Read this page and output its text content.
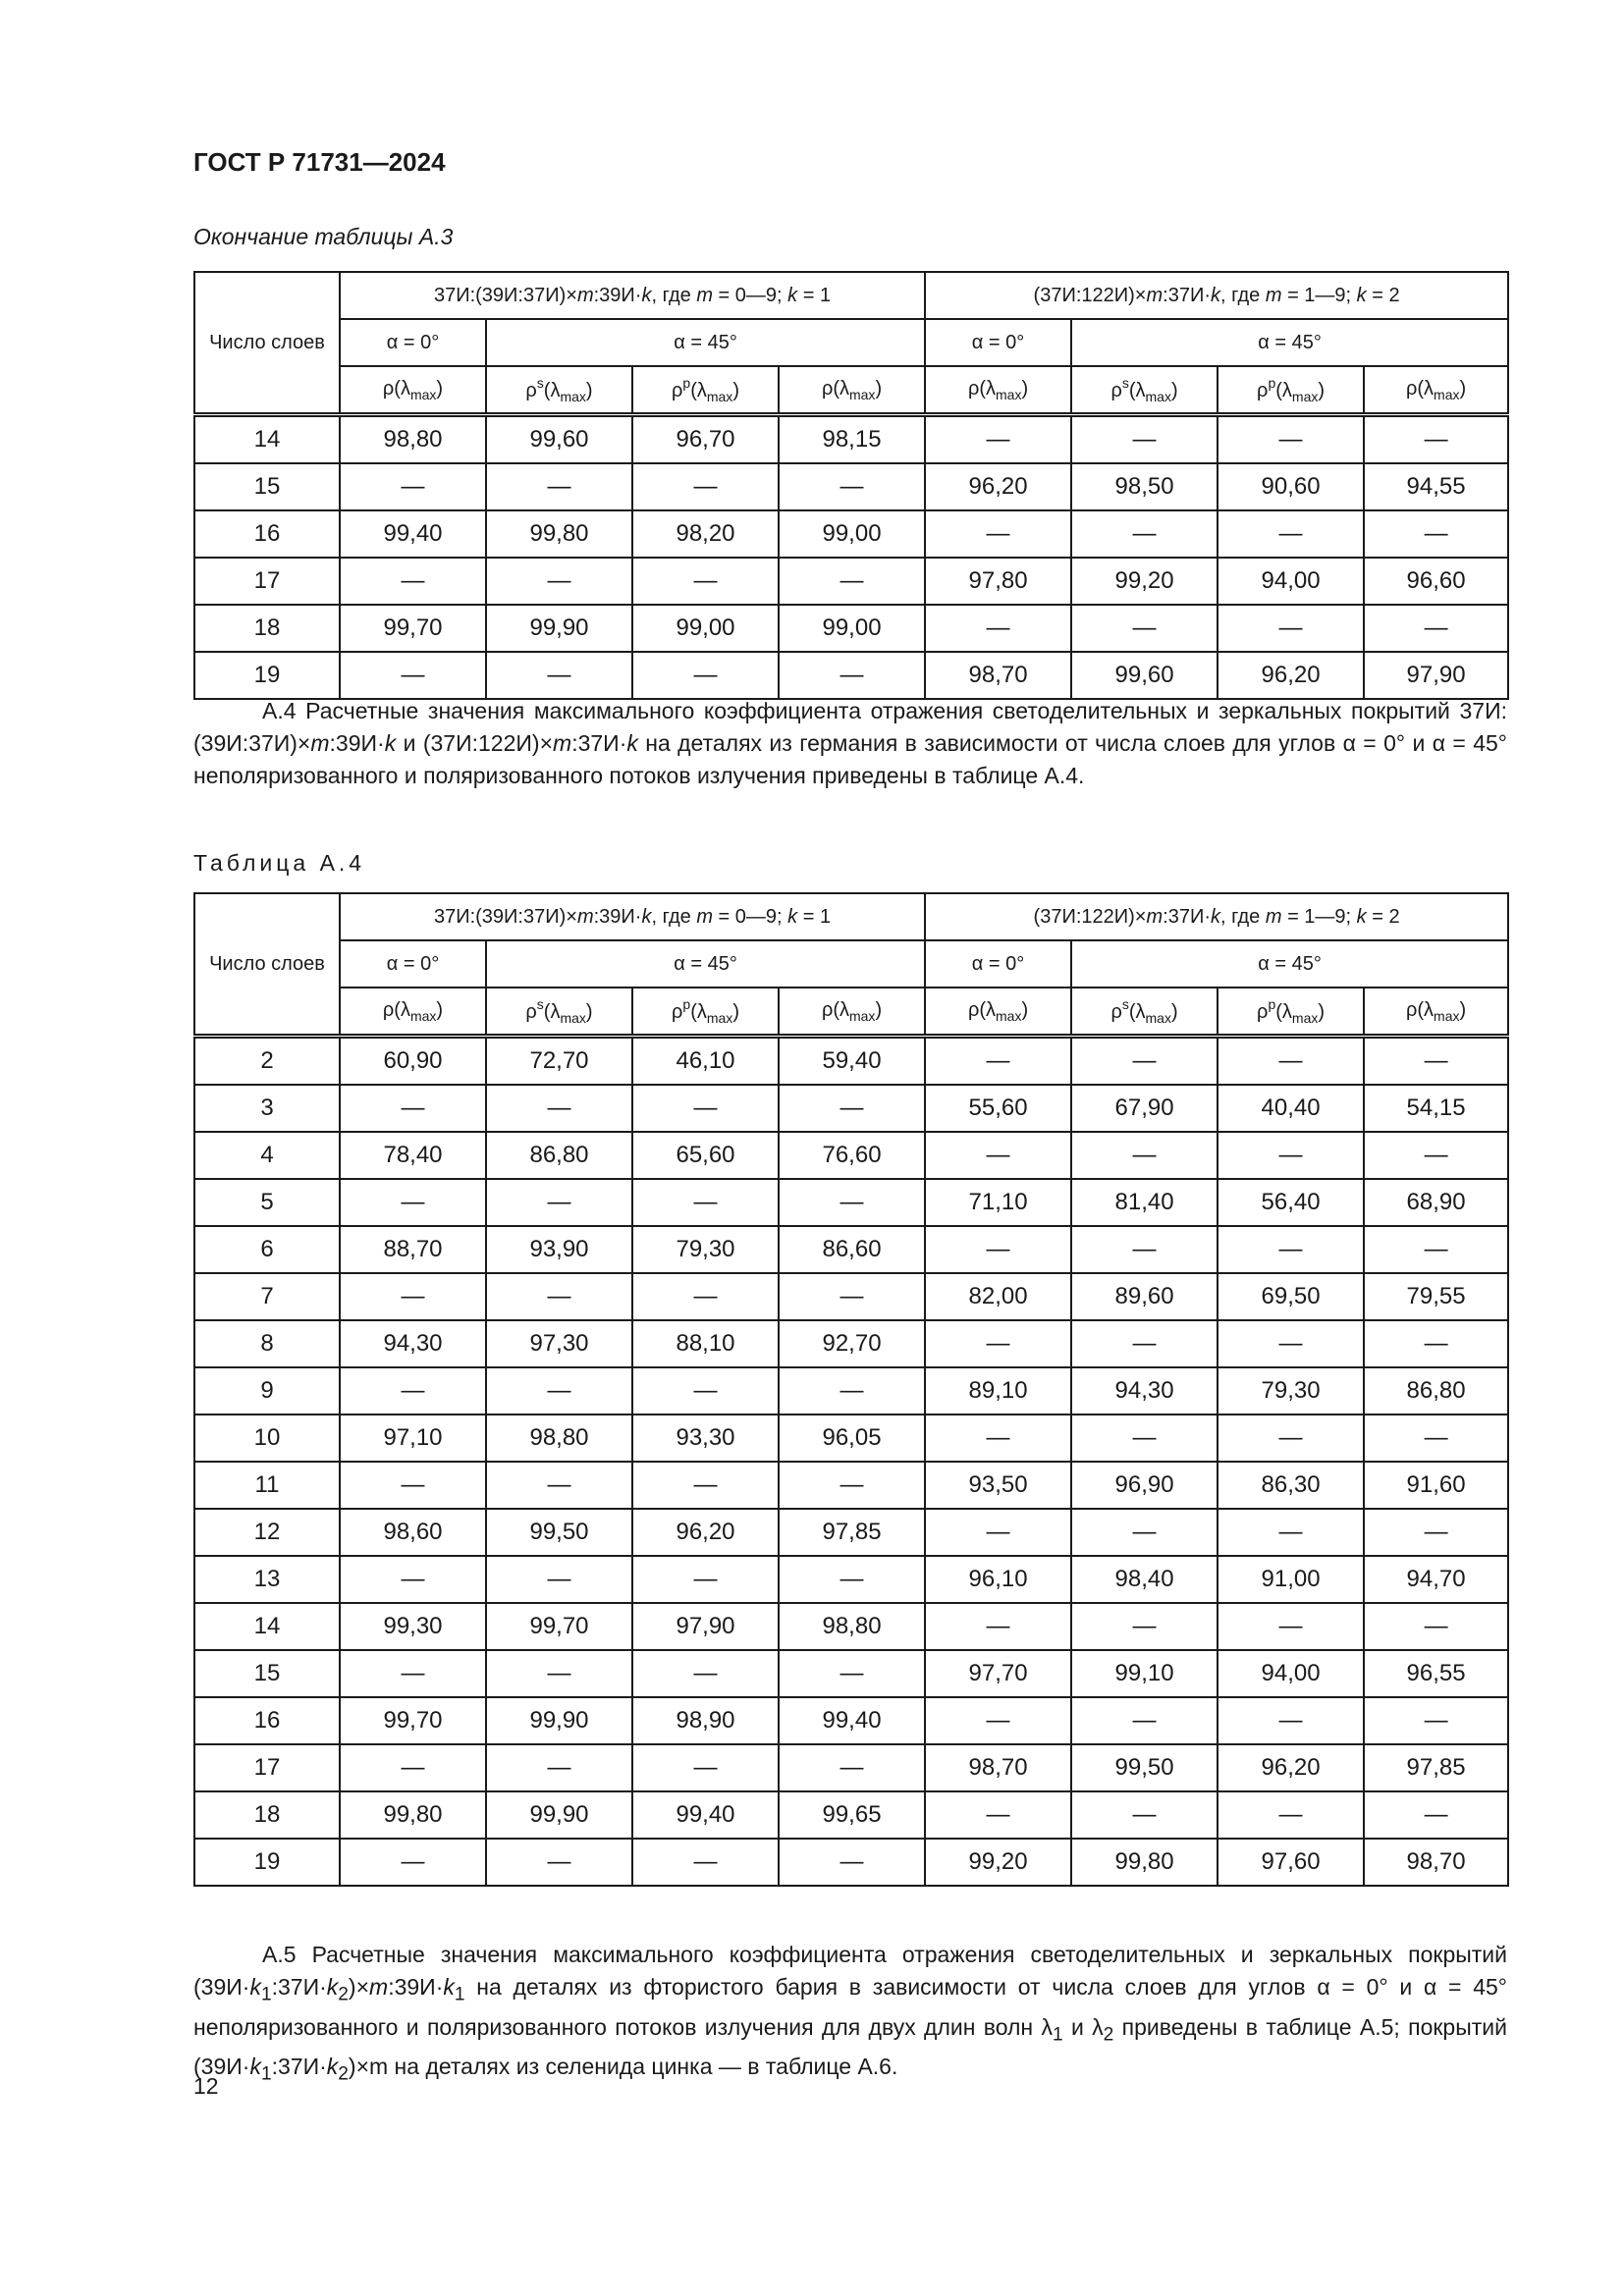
ГОСТ Р 71731—2024
Окончание таблицы А.3
Число слоев	37И:(39И:37И)×m:39И·k, где m = 0—9; k = 1				(37И:122И)×m:37И·k, где m = 1—9; k = 2			
	α = 0°	α = 45°			α = 0°	α = 45°		
	$\rho(\lambda_{max})$	$\rho^s(\lambda_{max})$	$\rho^p(\lambda_{max})$	$\rho(\lambda_{max})$	$\rho(\lambda_{max})$	$\rho^s(\lambda_{max})$	$\rho^p(\lambda_{max})$	$\rho(\lambda_{max})$
14	98,80	99,60	96,70	98,15	—	—	—	—
15	—	—	—	—	96,20	98,50	90,60	94,55
16	99,40	99,80	98,20	99,00	—	—	—	—
17	—	—	—	—	97,80	99,20	94,00	96,60
18	99,70	99,90	99,00	99,00	—	—	—	—
19	—	—	—	—	98,70	99,60	96,20	97,90

А.4 Расчетные значения максимального коэффициента отражения светоделительных и зеркальных покрытий 37И:(39И:37И)×m:39И·k и (37И:122И)×m:37И·k на деталях из германия в зависимости от числа слоев для углов α = 0° и α = 45° неполяризованного и поляризованного потоков излучения приведены в таблице А.4.

Таблица А.4
Число слоев	37И:(39И:37И)×m:39И·k, где m = 0—9; k = 1				(37И:122И)×m:37И·k, где m = 1—9; k = 2			
	α = 0°	α = 45°			α = 0°	α = 45°		
	$\rho(\lambda_{max})$	$\rho^s(\lambda_{max})$	$\rho^p(\lambda_{max})$	$\rho(\lambda_{max})$	$\rho(\lambda_{max})$	$\rho^s(\lambda_{max})$	$\rho^p(\lambda_{max})$	$\rho(\lambda_{max})$
2	60,90	72,70	46,10	59,40	—	—	—	—
3	—	—	—	—	55,60	67,90	40,40	54,15
4	78,40	86,80	65,60	76,60	—	—	—	—
5	—	—	—	—	71,10	81,40	56,40	68,90
6	88,70	93,90	79,30	86,60	—	—	—	—
7	—	—	—	—	82,00	89,60	69,50	79,55
8	94,30	97,30	88,10	92,70	—	—	—	—
9	—	—	—	—	89,10	94,30	79,30	86,80
10	97,10	98,80	93,30	96,05	—	—	—	—
11	—	—	—	—	93,50	96,90	86,30	91,60
12	98,60	99,50	96,20	97,85	—	—	—	—
13	—	—	—	—	96,10	98,40	91,00	94,70
14	99,30	99,70	97,90	98,80	—	—	—	—
15	—	—	—	—	97,70	99,10	94,00	96,55
16	99,70	99,90	98,90	99,40	—	—	—	—
17	—	—	—	—	98,70	99,50	96,20	97,85
18	99,80	99,90	99,40	99,65	—	—	—	—
19	—	—	—	—	99,20	99,80	97,60	98,70

А.5 Расчетные значения максимального коэффициента отражения светоделительных и зеркальных покрытий $(39И\cdot k_1:37И\cdot k_2)\times m:39И\cdot k_1$ на деталях из фтористого бария в зависимости от числа слоев для углов α = 0° и α = 45° неполяризованного и поляризованного потоков излучения для двух длин волн $\lambda_1$ и $\lambda_2$ приведены в таблице А.5; покрытий $(39И\cdot k_1:37И\cdot k_2)\times m$ на деталях из селенида цинка — в таблице А.6.

12
